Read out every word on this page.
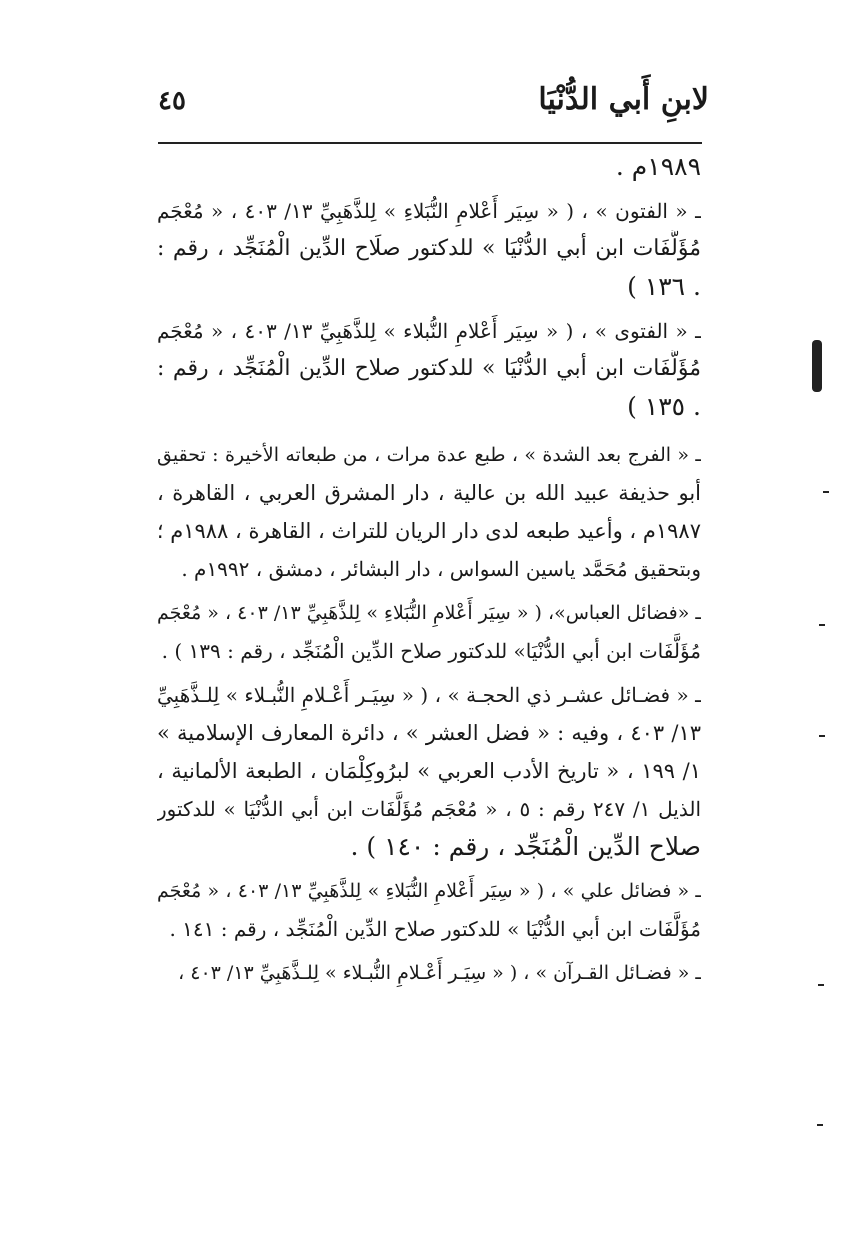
لابنِ أَبي الدُّنْيَا
٤٥
١٩٨٩م .
ـ « الفتون » ، ( « سِيَر أَعْلامِ النُّبَلاءِ » لِلذَّهَبِيِّ ١٣/ ٤٠٣ ، « مُعْجَم
مُؤَلَّفَات ابن أبي الدُّنْيَا » للدكتور صلَاح الدِّين الْمُنَجِّد ، رقم :
. ١٣٦ )
ـ « الفتوى » ، ( « سِيَر أَعْلامِ النُّبلاء » لِلذَّهَبِيِّ ١٣/ ٤٠٣ ، « مُعْجَم
مُؤَلَّفَات ابن أبي الدُّنْيَا » للدكتور صلاح الدِّين الْمُنَجِّد ، رقم :
. ١٣٥ )
ـ « الفرج بعد الشدة » ، طبع عدة مرات ، من طبعاته الأخيرة : تحقيق
أبو حذيفة عبيد الله بن عالية ، دار المشرق العربي ، القاهرة ،
١٩٨٧م ، وأعيد طبعه لدى دار الريان للتراث ، القاهرة ، ١٩٨٨م ؛
وبتحقيق مُحَمَّد ياسين السواس ، دار البشائر ، دمشق ، ١٩٩٢م .
ـ «فضائل العباس»، ( « سِيَر أَعْلامِ النُّبَلاءِ » لِلذَّهَبِيِّ ١٣/ ٤٠٣ ، « مُعْجَم
مُؤَلَّفَات ابن أبي الدُّنْيَا» للدكتور صلاح الدِّين الْمُنَجِّد ، رقم : ١٣٩ ) .
ـ « فضـائل عشـر ذي الحجـة » ، ( « سِيَـر أَعْـلامِ النُّبـلاء » لِلـذَّهَبِيِّ
١٣/ ٤٠٣ ، وفيه : « فضل العشر » ، دائرة المعارف الإسلامية »
١/ ١٩٩ ، « تاريخ الأدب العربي » لبرُوكِلْمَان ، الطبعة الألمانية ،
الذيل ١/ ٢٤٧ رقم : ٥ ، « مُعْجَم مُؤَلَّفَات ابن أبي الدُّنْيَا » للدكتور
صلاح الدِّين الْمُنَجِّد ، رقم : ١٤٠ ) .
ـ « فضائل علي » ، ( « سِيَر أَعْلامِ النُّبَلاءِ » لِلذَّهَبِيِّ ١٣/ ٤٠٣ ، « مُعْجَم
مُؤَلَّفَات ابن أبي الدُّنْيَا » للدكتور صلاح الدِّين الْمُنَجِّد ، رقم : ١٤١ .
ـ « فضـائل القـرآن » ، ( « سِيَـر أَعْـلامِ النُّبـلاء » لِلـذَّهَبِيِّ ١٣/ ٤٠٣ ،
